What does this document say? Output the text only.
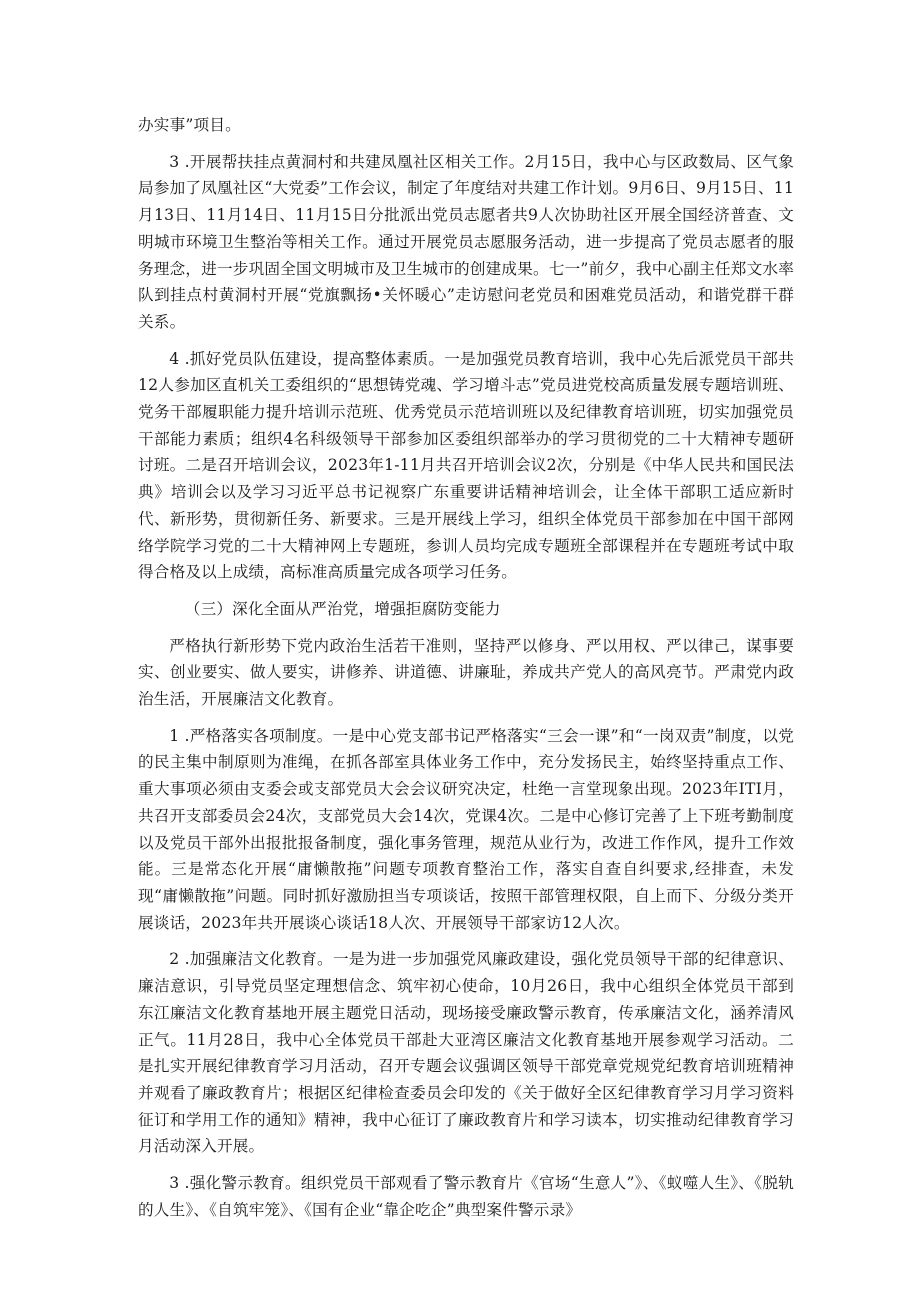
办实事”项目。

3 .开展帮扶挂点黄洞村和共建凤凰社区相关工作。2月15日，我中心与区政数局、区气象局参加了凤凰社区“大党委”工作会议，制定了年度结对共建工作计划。9月6日、9月15日、11月13日、11月14日、11月15日分批派出党员志愿者共9人次协助社区开展全国经济普查、文明城市环境卫生整治等相关工作。通过开展党员志愿服务活动，进一步提高了党员志愿者的服务理念，进一步巩固全国文明城市及卫生城市的创建成果。七一”前夕，我中心副主任郑文水率队到挂点村黄洞村开展“党旗飘扬•关怀暖心”走访慰问老党员和困难党员活动，和谐党群干群关系。

4 .抓好党员队伍建设，提高整体素质。一是加强党员教育培训，我中心先后派党员干部共12人参加区直机关工委组织的“思想铸党魂、学习增斗志”党员进党校高质量发展专题培训班、党务干部履职能力提升培训示范班、优秀党员示范培训班以及纪律教育培训班，切实加强党员干部能力素质；组织4名科级领导干部参加区委组织部举办的学习贯彻党的二十大精神专题研讨班。二是召开培训会议，2023年1-11月共召开培训会议2次，分别是《中华人民共和国民法典》培训会以及学习习近平总书记视察广东重要讲话精神培训会，让全体干部职工适应新时代、新形势，贯彻新任务、新要求。三是开展线上学习，组织全体党员干部参加在中国干部网络学院学习党的二十大精神网上专题班，参训人员均完成专题班全部课程并在专题班考试中取得合格及以上成绩，高标准高质量完成各项学习任务。

（三）深化全面从严治党，增强拒腐防变能力

严格执行新形势下党内政治生活若干准则，坚持严以修身、严以用权、严以律己，谋事要实、创业要实、做人要实，讲修养、讲道德、讲廉耻，养成共产党人的高风亮节。严肃党内政治生活，开展廉洁文化教育。

1 .严格落实各项制度。一是中心党支部书记严格落实“三会一课”和“一岗双责”制度，以党的民主集中制原则为准绳，在抓各部室具体业务工作中，充分发扬民主，始终坚持重点工作、重大事项必须由支委会或支部党员大会会议研究决定，杜绝一言堂现象出现。2023年ITI月，共召开支部委员会24次，支部党员大会14次，党课4次。二是中心修订完善了上下班考勤制度以及党员干部外出报批报备制度，强化事务管理，规范从业行为，改进工作作风，提升工作效能。三是常态化开展“庸懒散拖”问题专项教育整治工作，落实自查自纠要求,经排查，未发现“庸懒散拖”问题。同时抓好激励担当专项谈话，按照干部管理权限，自上而下、分级分类开展谈话，2023年共开展谈心谈话18人次、开展领导干部家访12人次。

2 .加强廉洁文化教育。一是为进一步加强党风廉政建设，强化党员领导干部的纪律意识、廉洁意识，引导党员坚定理想信念、筑牢初心使命，10月26日，我中心组织全体党员干部到东江廉洁文化教育基地开展主题党日活动，现场接受廉政警示教育，传承廉洁文化，涵养清风正气。11月28日，我中心全体党员干部赴大亚湾区廉洁文化教育基地开展参观学习活动。二是扎实开展纪律教育学习月活动，召开专题会议强调区领导干部党章党规党纪教育培训班精神并观看了廉政教育片；根据区纪律检查委员会印发的《关于做好全区纪律教育学习月学习资料征订和学用工作的通知》精神，我中心征订了廉政教育片和学习读本，切实推动纪律教育学习月活动深入开展。

3 .强化警示教育。组织党员干部观看了警示教育片《官场“生意人”》、《蚁噬人生》、《脱轨的人生》、《自筑牢笼》、《国有企业“靠企吃企”典型案件警示录》
